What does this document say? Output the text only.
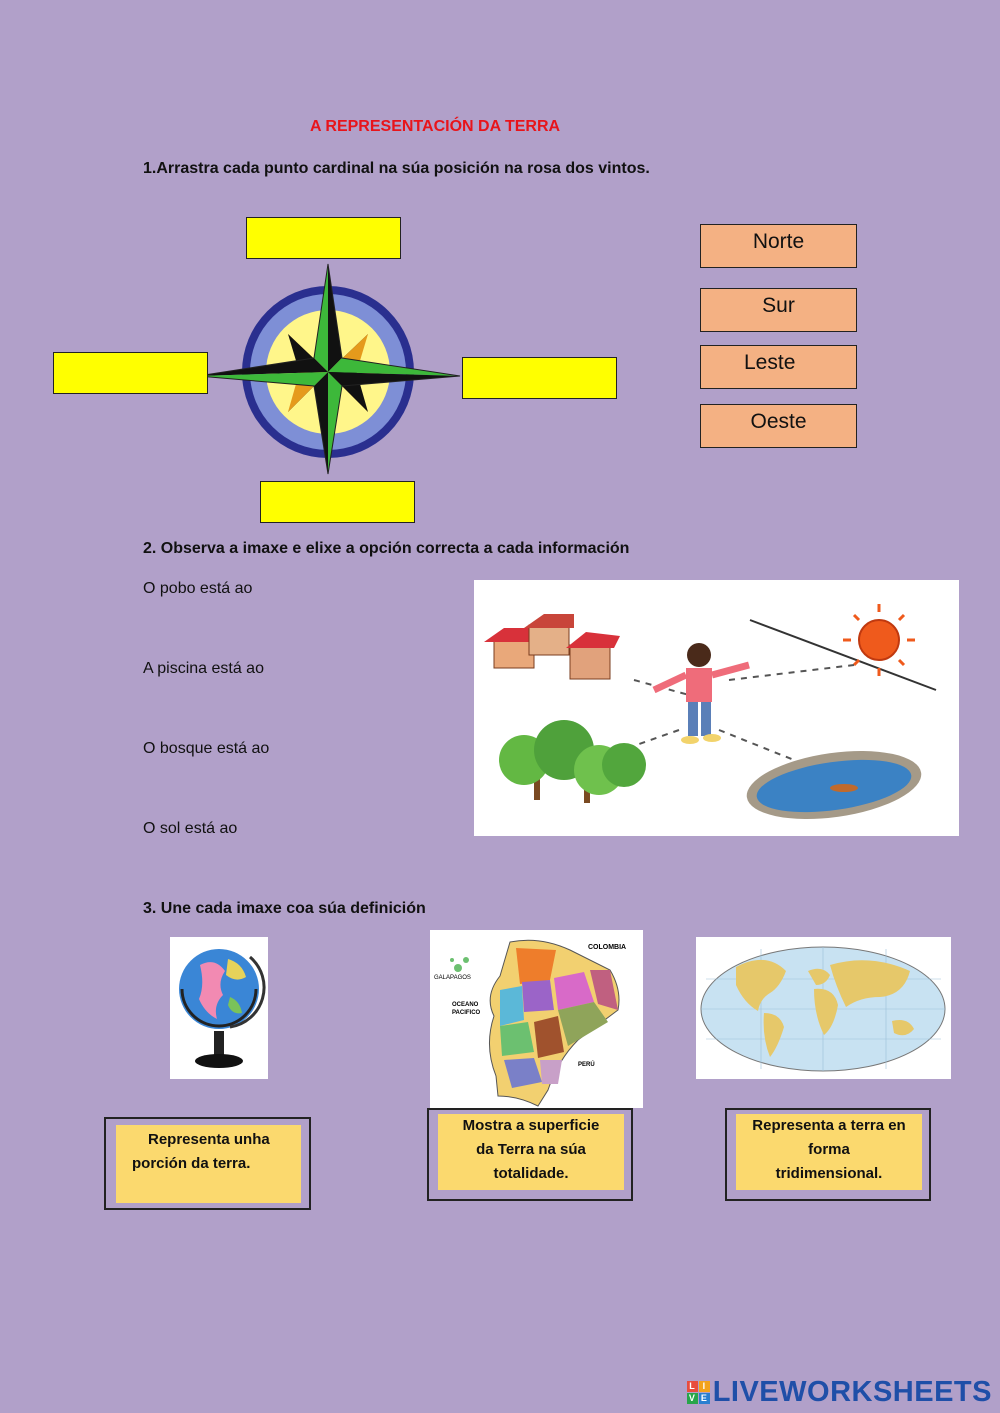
A REPRESENTACIÓN DA TERRA
1.Arrastra cada punto cardinal na súa posición na rosa dos vintos.
Norte
Sur
Leste
Oeste
2. Observa a imaxe e elixe a opción correcta a cada información
O pobo está ao
A piscina está ao
O bosque está ao
O sol está ao
3. Une cada imaxe coa súa definición
GALAPAGOS
COLOMBIA
OCEANO
PACIFICO
PERÚ
Representa unha
porción da terra.
Mostra a superficie
da Terra na súa
totalidade.
Representa a terra en
forma
tridimensional.
L I
V E LIVEWORKSHEETS
